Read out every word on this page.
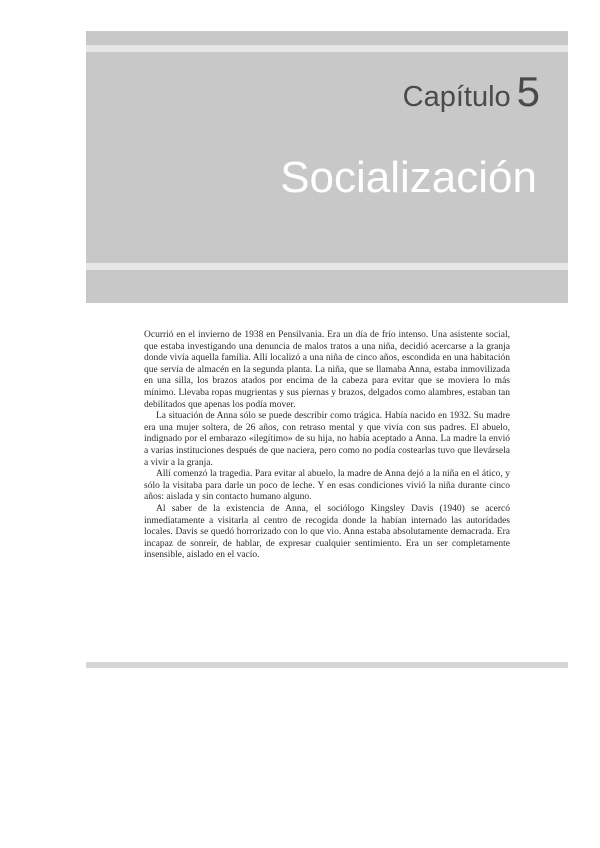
Capítulo 5
Socialización

Ocurrió en el invierno de 1938 en Pensilvania. Era un día de frío intenso. Una asistente social, que estaba investigando una denuncia de malos tratos a una niña, decidió acercarse a la granja donde vivía aquella familia. Allí localizó a una niña de cinco años, escondida en una habitación que servía de almacén en la segunda planta. La niña, que se llamaba Anna, estaba inmovilizada en una silla, los brazos atados por encima de la cabeza para evitar que se moviera lo más mínimo. Llevaba ropas mugrientas y sus piernas y brazos, delgados como alambres, estaban tan debilitados que apenas los podía mover.

La situación de Anna sólo se puede describir como trágica. Había nacido en 1932. Su madre era una mujer soltera, de 26 años, con retraso mental y que vivía con sus padres. El abuelo, indignado por el embarazo «ilegítimo» de su hija, no había aceptado a Anna. La madre la envió a varias instituciones después de que naciera, pero como no podía costearlas tuvo que llevársela a vivir a la granja.

Allí comenzó la tragedia. Para evitar al abuelo, la madre de Anna dejó a la niña en el ático, y sólo la visitaba para darle un poco de leche. Y en esas condiciones vivió la niña durante cinco años: aislada y sin contacto humano alguno.

Al saber de la existencia de Anna, el sociólogo Kingsley Davis (1940) se acercó inmediatamente a visitarla al centro de recogida donde la habían internado las autoridades locales. Davis se quedó horrorizado con lo que vio. Anna estaba absolutamente demacrada. Era incapaz de sonreír, de hablar, de expresar cualquier sentimiento. Era un ser completamente insensible, aislado en el vacío.
